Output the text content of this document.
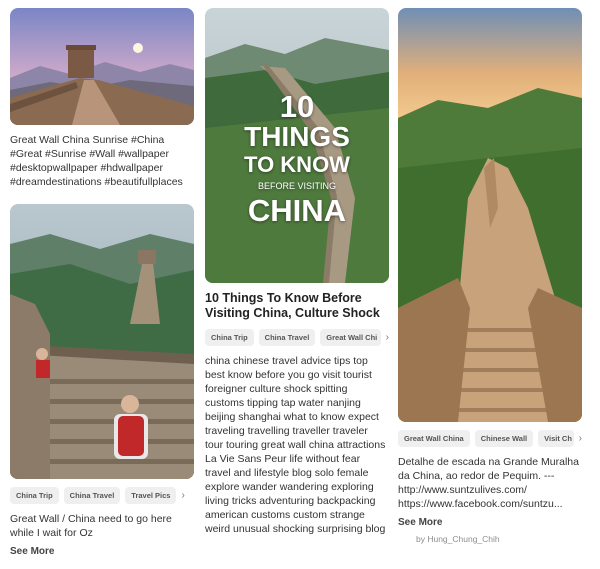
Great Wall China Sunrise #China #Great #Sunrise #Wall #wallpaper #desktopwallpaper #hdwallpaper #dreamdestinations #beautifullplaces
China Trip	China Travel	Travel Pics	›
Great Wall / China need to go here while I wait for Oz
See More
10
THINGS
TO KNOW
BEFORE VISITING
CHINA
10 Things To Know Before Visiting China, Culture Shock
China Trip	China Travel	Great Wall Chi ›
china chinese travel advice tips top best know before you go visit tourist foreigner culture shock spitting customs tipping tap water nanjing beijing shanghai what to know expect traveling travelling traveller traveler tour touring great wall china attractions La Vie Sans Peur life without fear travel and lifestyle blog solo female explore wander wandering exploring living tricks adventuring backpacking american customs custom strange weird unusual shocking surprising blog
Great Wall China	Chinese Wall	Visit Ch ›
Detalhe de escada na Grande Muralha da China, ao redor de Pequim. --- http://www.suntzulives.com/ https://www.facebook.com/suntzu...
See More
by Hung_Chung_Chih
